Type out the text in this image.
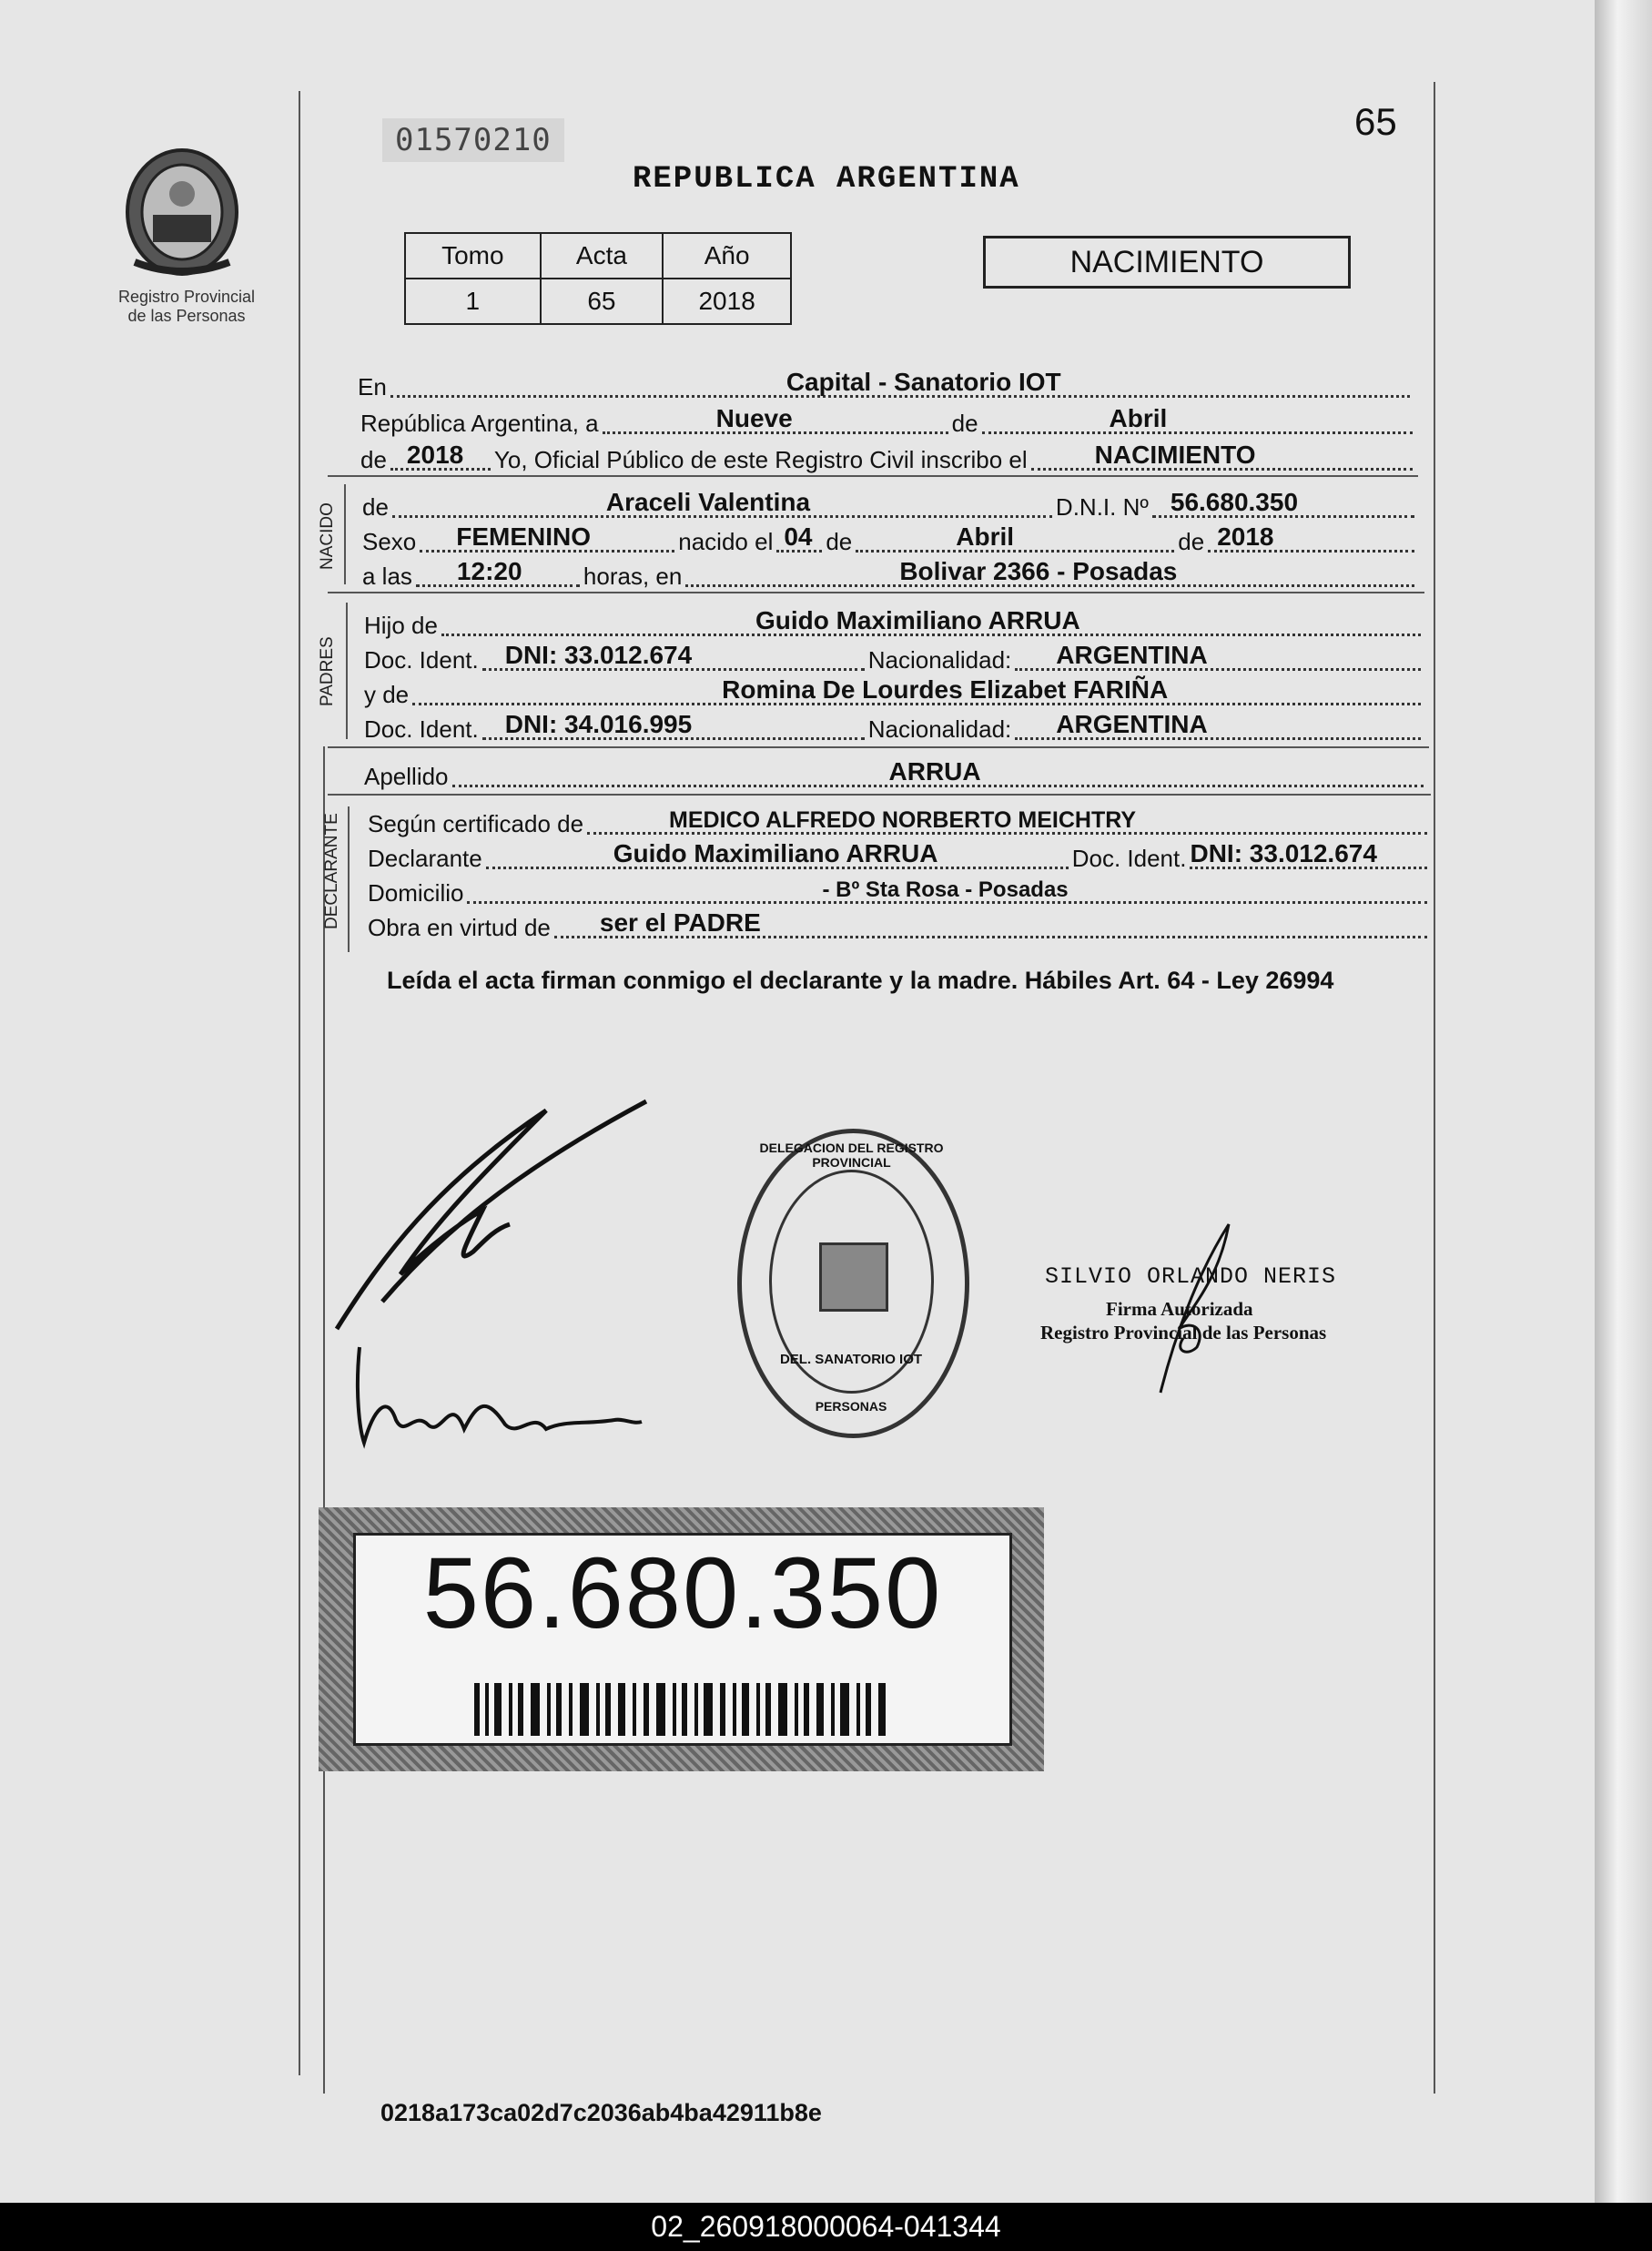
Registro Provincial
de las Personas
01570210
REPUBLICA ARGENTINA
65
Tomo	Acta	Año
1	65	2018
NACIMIENTO
En	Capital - Sanatorio IOT
República Argentina, a	Nueve	de	Abril
de 2018 Yo, Oficial Público de este Registro Civil inscribo el	NACIMIENTO
NACIDO de	Araceli Valentina	D.N.I. Nº 56.680.350
Sexo FEMENINO	nacido el 04 de	Abril	de 2018
a las 12:20	horas, en	Bolivar 2366 - Posadas
PADRES
Hijo de	Guido Maximiliano ARRUA
Doc. Ident. DNI: 33.012.674	Nacionalidad: ARGENTINA
y de	Romina De Lourdes Elizabet FARIÑA
Doc. Ident. DNI: 34.016.995	Nacionalidad: ARGENTINA
Apellido	ARRUA
DECLARANTE Según certificado de	MEDICO ALFREDO NORBERTO MEICHTRY
Declarante	Guido Maximiliano ARRUA	Doc. Ident. DNI: 33.012.674
Domicilio	- Bº Sta Rosa - Posadas
Obra en virtud de ser el PADRE
Leída el acta firman conmigo el declarante y la madre. Hábiles Art. 64 - Ley 26994
DELEGACION DEL REGISTRO PROVINCIAL
DEL. SANATORIO IOT
PERSONAS
SILVIO ORLANDO NERIS
Firma Autorizada
Registro Provincial de las Personas
56.680.350
0218a173ca02d7c2036ab4ba42911b8e
02_260918000064-041344
